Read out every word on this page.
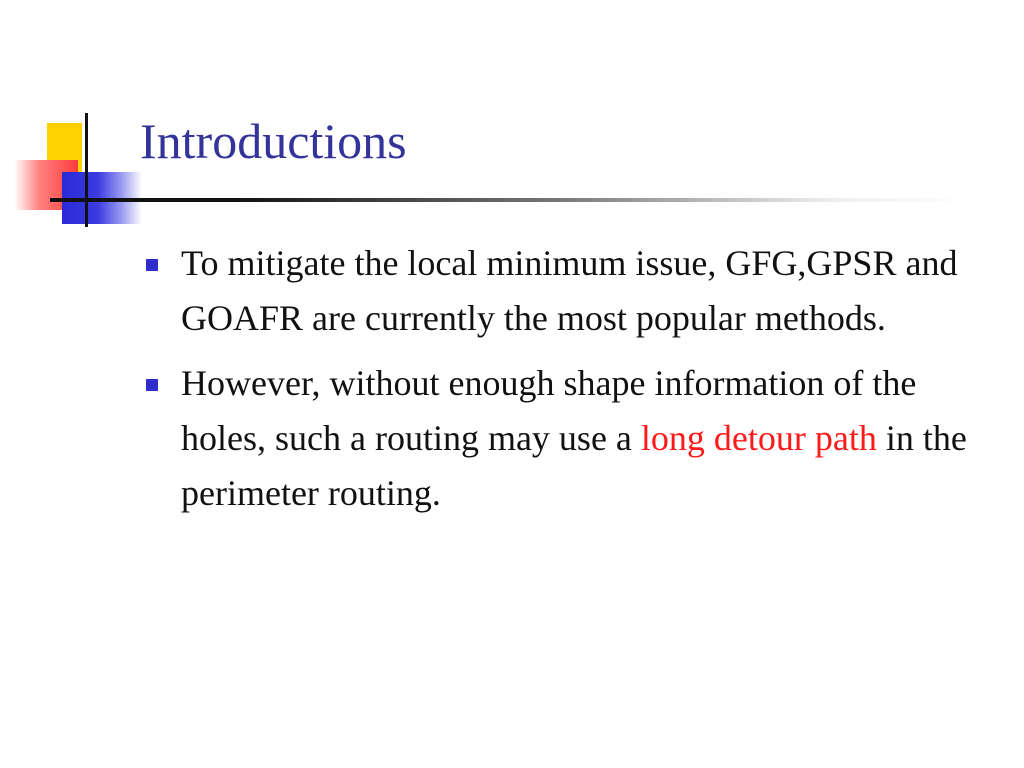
Introductions
To mitigate the local minimum issue, GFG,GPSR and GOAFR are currently the most popular methods.
However, without enough shape information of the holes, such a routing may use a long detour path in the perimeter routing.
